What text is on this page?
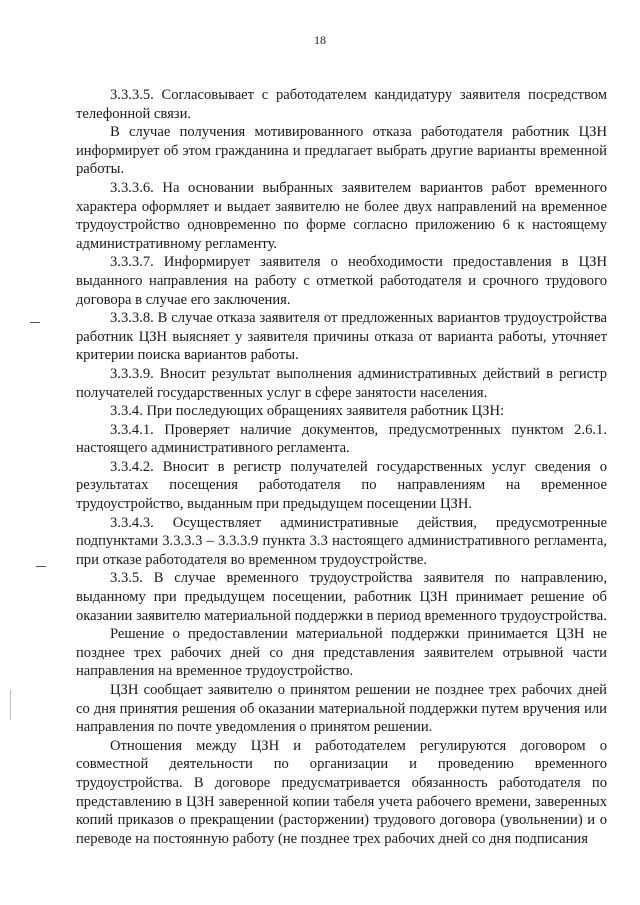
18

3.3.3.5. Согласовывает с работодателем кандидатуру заявителя посредством телефонной связи.

В случае получения мотивированного отказа работодателя работник ЦЗН информирует об этом гражданина и предлагает выбрать другие варианты временной работы.

3.3.3.6. На основании выбранных заявителем вариантов работ временного характера оформляет и выдает заявителю не более двух направлений на временное трудоустройство одновременно по форме согласно приложению 6 к настоящему административному регламенту.

3.3.3.7. Информирует заявителя о необходимости предоставления в ЦЗН выданного направления на работу с отметкой работодателя и срочного трудового договора в случае его заключения.

3.3.3.8. В случае отказа заявителя от предложенных вариантов трудоустройства работник ЦЗН выясняет у заявителя причины отказа от варианта работы, уточняет критерии поиска вариантов работы.

3.3.3.9. Вносит результат выполнения административных действий в регистр получателей государственных услуг в сфере занятости населения.

3.3.4. При последующих обращениях заявителя работник ЦЗН:

3.3.4.1. Проверяет наличие документов, предусмотренных пунктом 2.6.1. настоящего административного регламента.

3.3.4.2. Вносит в регистр получателей государственных услуг сведения о результатах посещения работодателя по направлениям на временное трудоустройство, выданным при предыдущем посещении ЦЗН.

3.3.4.3. Осуществляет административные действия, предусмотренные подпунктами 3.3.3.3 – 3.3.3.9 пункта 3.3 настоящего административного регламента, при отказе работодателя во временном трудоустройстве.

3.3.5. В случае временного трудоустройства заявителя по направлению, выданному при предыдущем посещении, работник ЦЗН принимает решение об оказании заявителю материальной поддержки в период временного трудоустройства.

Решение о предоставлении материальной поддержки принимается ЦЗН не позднее трех рабочих дней со дня представления заявителем отрывной части направления на временное трудоустройство.

ЦЗН сообщает заявителю о принятом решении не позднее трех рабочих дней со дня принятия решения об оказании материальной поддержки путем вручения или направления по почте уведомления о принятом решении.

Отношения между ЦЗН и работодателем регулируются договором о совместной деятельности по организации и проведению временного трудоустройства. В договоре предусматривается обязанность работодателя по представлению в ЦЗН заверенной копии табеля учета рабочего времени, заверенных копий приказов о прекращении (расторжении) трудового договора (увольнении) и о переводе на постоянную работу (не позднее трех рабочих дней со дня подписания
